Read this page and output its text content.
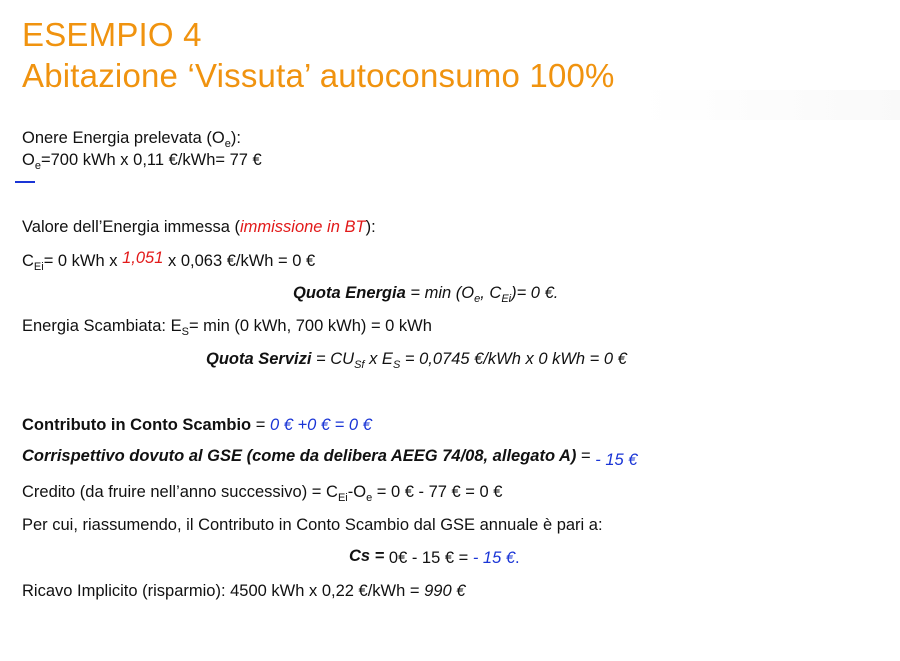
ESEMPIO 4
Abitazione ‘Vissuta’ autoconsumo 100%
Onere Energia prelevata $(O_e)$:
$O_e=700$ kWh x 0,11 €/kWh= 77 €
Valore dell’Energia immessa (immissione in BT):
$C_{Ei}= 0$ kWh x 1,051 x 0,063 €/kWh = 0 €
Quota Energia = $\min (O_e$, $C_{Ei})= 0$ €.
Energia Scambiata: $E_S= \min (0$ kWh, 700 kWh) = 0 kWh
Quota Servizi = $CU_{Sf}$ x $E_S = 0,0745$ €/kWh x 0 kWh = 0 €
Contributo in Conto Scambio = 0 € +0 € = 0 €
Corrispettivo dovuto al GSE (come da delibera AEEG 74/08, allegato A) = - 15 €
Credito (da fruire nell’anno successivo) = $C_{Ei}-O_e = 0$ € - 77 € = 0 €
Per cui, riassumendo, il Contributo in Conto Scambio dal GSE annuale è pari a:
Cs = 0€ - 15 € = - 15 €.
Ricavo Implicito (risparmio): 4500 kWh x 0,22 €/kWh = 990 €
